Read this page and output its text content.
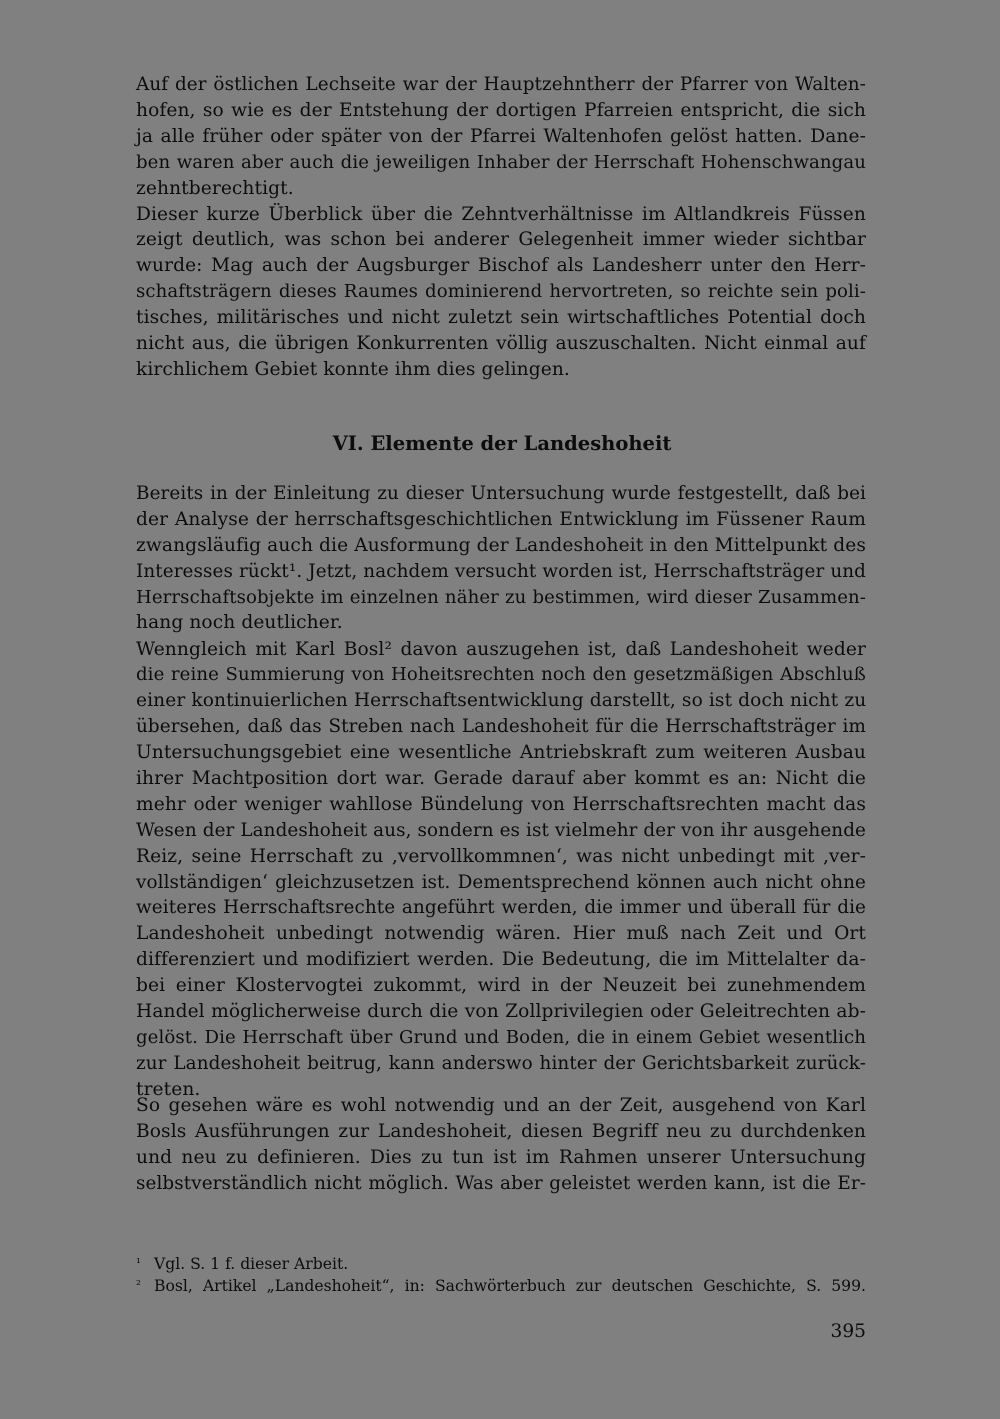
Auf der östlichen Lechseite war der Hauptzehntherr der Pfarrer von Walten-
hofen, so wie es der Entstehung der dortigen Pfarreien entspricht, die sich
ja alle früher oder später von der Pfarrei Waltenhofen gelöst hatten. Dane-
ben waren aber auch die jeweiligen Inhaber der Herrschaft Hohenschwangau
zehntberechtigt.
Dieser kurze Überblick über die Zehntverhältnisse im Altlandkreis Füssen
zeigt deutlich, was schon bei anderer Gelegenheit immer wieder sichtbar
wurde: Mag auch der Augsburger Bischof als Landesherr unter den Herr-
schaftsträgern dieses Raumes dominierend hervortreten, so reichte sein poli-
tisches, militärisches und nicht zuletzt sein wirtschaftliches Potential doch
nicht aus, die übrigen Konkurrenten völlig auszuschalten. Nicht einmal auf
kirchlichem Gebiet konnte ihm dies gelingen.
VI. Elemente der Landeshoheit
Bereits in der Einleitung zu dieser Untersuchung wurde festgestellt, daß bei
der Analyse der herrschaftsgeschichtlichen Entwicklung im Füssener Raum
zwangsläufig auch die Ausformung der Landeshoheit in den Mittelpunkt des
Interesses rückt¹. Jetzt, nachdem versucht worden ist, Herrschaftsträger und
Herrschaftsobjekte im einzelnen näher zu bestimmen, wird dieser Zusammen-
hang noch deutlicher.
Wenngleich mit Karl Bosl² davon auszugehen ist, daß Landeshoheit weder
die reine Summierung von Hoheitsrechten noch den gesetzmäßigen Abschluß
einer kontinuierlichen Herrschaftsentwicklung darstellt, so ist doch nicht zu
übersehen, daß das Streben nach Landeshoheit für die Herrschaftsträger im
Untersuchungsgebiet eine wesentliche Antriebskraft zum weiteren Ausbau
ihrer Machtposition dort war. Gerade darauf aber kommt es an: Nicht die
mehr oder weniger wahllose Bündelung von Herrschaftsrechten macht das
Wesen der Landeshoheit aus, sondern es ist vielmehr der von ihr ausgehende
Reiz, seine Herrschaft zu ‚vervollkommnen‘, was nicht unbedingt mit ‚ver-
vollständigen‘ gleichzusetzen ist. Dementsprechend können auch nicht ohne
weiteres Herrschaftsrechte angeführt werden, die immer und überall für die
Landeshoheit unbedingt notwendig wären. Hier muß nach Zeit und Ort
differenziert und modifiziert werden. Die Bedeutung, die im Mittelalter da-
bei einer Klostervogtei zukommt, wird in der Neuzeit bei zunehmendem
Handel möglicherweise durch die von Zollprivilegien oder Geleitrechten ab-
gelöst. Die Herrschaft über Grund und Boden, die in einem Gebiet wesentlich
zur Landeshoheit beitrug, kann anderswo hinter der Gerichtsbarkeit zurück-
treten.
So gesehen wäre es wohl notwendig und an der Zeit, ausgehend von Karl
Bosls Ausführungen zur Landeshoheit, diesen Begriff neu zu durchdenken
und neu zu definieren. Dies zu tun ist im Rahmen unserer Untersuchung
selbstverständlich nicht möglich. Was aber geleistet werden kann, ist die Er-
¹ Vgl. S. 1 f. dieser Arbeit.
² Bosl, Artikel „Landeshoheit“, in: Sachwörterbuch zur deutschen Geschichte, S. 599.
395
